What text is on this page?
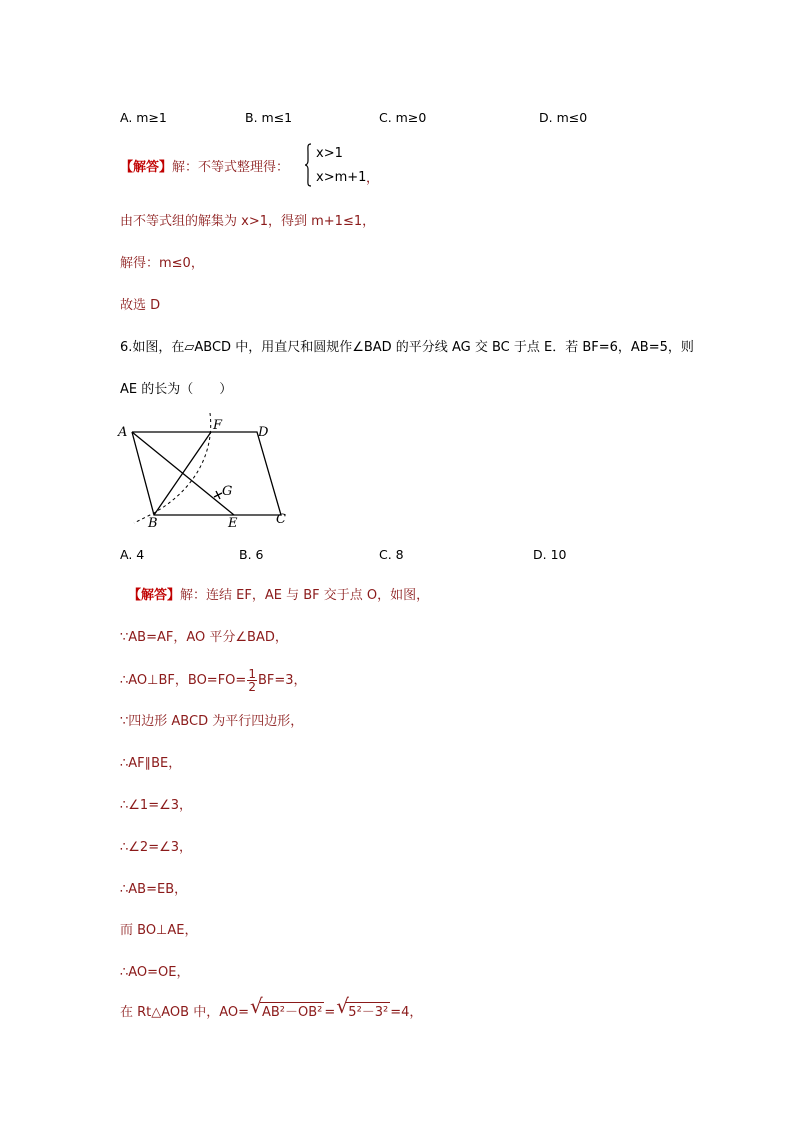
A. m≥1	B. m≤1	C. m≥0	D. m≤0
【解答】解：不等式整理得：
x>1
x>m+1 ，
由不等式组的解集为 x>1，得到 m+1≤1，
解得：m≤0，
故选 D
6.如图，在▱ABCD 中，用直尺和圆规作∠BAD 的平分线 AG 交 BC 于点 E．若 BF=6，AB=5，则
AE 的长为（　　）
A	F	D
G
B	E	C
A. 4	B. 6	C. 8	D. 10
【解答】解：连结 EF，AE 与 BF 交于点 O，如图，
∵AB=AF，AO 平分∠BAD，
∴AO⊥BF，$BO=FO= \frac{1}{2} BF=3$，
∵四边形 ABCD 为平行四边形，
∴AF∥BE，
∴∠1=∠3，
∴∠2=∠3，
∴AB=EB，
而 BO⊥AE，
∴AO=OE，
在 Rt△AOB 中，AO= √ AB²－OB² = √ 5²－3² =4，
